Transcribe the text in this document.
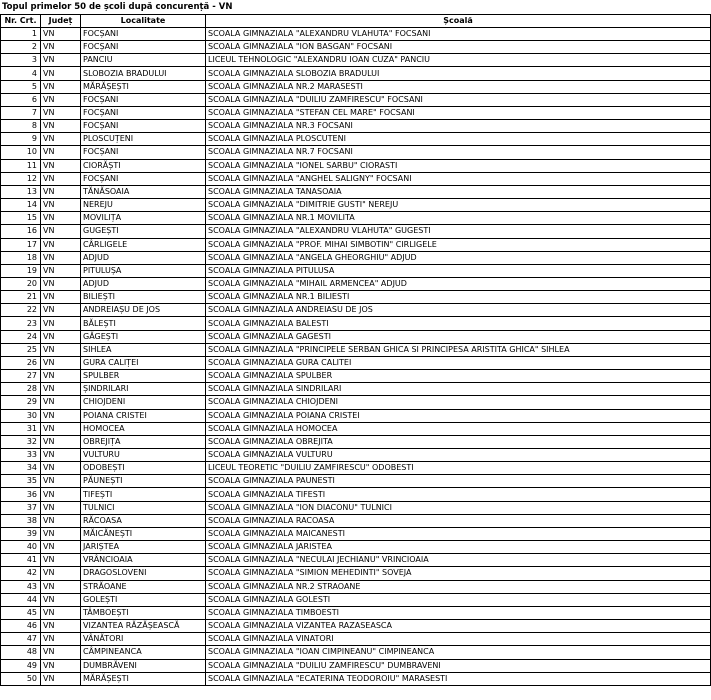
Topul primelor 50 de școli după concurență - VN
Nr. Crt.	Județ	Localitate	Școală
1	VN	FOCȘANI	SCOALA GIMNAZIALA "ALEXANDRU VLAHUTA" FOCSANI
2	VN	FOCȘANI	SCOALA GIMNAZIALA "ION BASGAN" FOCSANI
3	VN	PANCIU	LICEUL TEHNOLOGIC "ALEXANDRU IOAN CUZA" PANCIU
4	VN	SLOBOZIA BRADULUI	SCOALA GIMNAZIALA SLOBOZIA BRADULUI
5	VN	MĂRĂȘEȘTI	SCOALA GIMNAZIALA NR.2 MARASESTI
6	VN	FOCȘANI	SCOALA GIMNAZIALA "DUILIU ZAMFIRESCU" FOCSANI
7	VN	FOCȘANI	SCOALA GIMNAZIALA "STEFAN CEL MARE" FOCSANI
8	VN	FOCȘANI	SCOALA GIMNAZIALA NR.3 FOCSANI
9	VN	PLOSCUȚENI	SCOALA GIMNAZIALA PLOSCUTENI
10	VN	FOCȘANI	SCOALA GIMNAZIALA NR.7 FOCSANI
11	VN	CIORĂȘTI	SCOALA GIMNAZIALA "IONEL SARBU" CIORASTI
12	VN	FOCȘANI	SCOALA GIMNAZIALA "ANGHEL SALIGNY" FOCSANI
13	VN	TĂNĂSOAIA	SCOALA GIMNAZIALA TANASOAIA
14	VN	NEREJU	SCOALA GIMNAZIALA "DIMITRIE GUSTI" NEREJU
15	VN	MOVILIȚA	SCOALA GIMNAZIALA NR.1 MOVILITA
16	VN	GUGEȘTI	SCOALA GIMNAZIALA "ALEXANDRU VLAHUTA" GUGESTI
17	VN	CÂRLIGELE	SCOALA GIMNAZIALA "PROF. MIHAI SIMBOTIN" CIRLIGELE
18	VN	ADJUD	SCOALA GIMNAZIALA "ANGELA GHEORGHIU" ADJUD
19	VN	PITULUȘA	SCOALA GIMNAZIALA PITULUSA
20	VN	ADJUD	SCOALA GIMNAZIALA "MIHAIL ARMENCEA" ADJUD
21	VN	BILIEȘTI	SCOALA GIMNAZIALA NR.1 BILIESTI
22	VN	ANDREIAȘU DE JOS	SCOALA GIMNAZIALA ANDREIASU DE JOS
23	VN	BĂLEȘTI	SCOALA GIMNAZIALA BALESTI
24	VN	GĂGEȘTI	SCOALA GIMNAZIALA GAGESTI
25	VN	SIHLEA	SCOALA GIMNAZIALA "PRINCIPELE SERBAN GHICA SI PRINCIPESA ARISTITA GHICA" SIHLEA
26	VN	GURA CALIȚEI	SCOALA GIMNAZIALA GURA CALITEI
27	VN	SPULBER	SCOALA GIMNAZIALA SPULBER
28	VN	ȘINDRILARI	SCOALA GIMNAZIALA SINDRILARI
29	VN	CHIOJDENI	SCOALA GIMNAZIALA CHIOJDENI
30	VN	POIANA CRISTEI	SCOALA GIMNAZIALA POIANA CRISTEI
31	VN	HOMOCEA	SCOALA GIMNAZIALA HOMOCEA
32	VN	OBREJIȚA	SCOALA GIMNAZIALA OBREJITA
33	VN	VULTURU	SCOALA GIMNAZIALA VULTURU
34	VN	ODOBEȘTI	LICEUL TEORETIC "DUILIU ZAMFIRESCU" ODOBESTI
35	VN	PĂUNEȘTI	SCOALA GIMNAZIALA PAUNESTI
36	VN	TIFEȘTI	SCOALA GIMNAZIALA TIFESTI
37	VN	TULNICI	SCOALA GIMNAZIALA "ION DIACONU" TULNICI
38	VN	RĂCOASA	SCOALA GIMNAZIALA RACOASA
39	VN	MĂICĂNEȘTI	SCOALA GIMNAZIALA MAICANESTI
40	VN	JARIȘTEA	SCOALA GIMNAZIALA JARISTEA
41	VN	VRÂNCIOAIA	SCOALA GIMNAZIALA "NECULAI JECHIANU" VRINCIOAIA
42	VN	DRAGOSLOVENI	SCOALA GIMNAZIALA "SIMION MEHEDINTI" SOVEJA
43	VN	STRĂOANE	SCOALA GIMNAZIALA NR.2 STRAOANE
44	VN	GOLEȘTI	SCOALA GIMNAZIALA GOLESTI
45	VN	TÂMBOEȘTI	SCOALA GIMNAZIALA TIMBOESTI
46	VN	VIZANTEA RĂZĂȘEASCĂ	SCOALA GIMNAZIALA VIZANTEA RAZASEASCA
47	VN	VÂNĂTORI	SCOALA GIMNAZIALA VINATORI
48	VN	CÂMPINEANCA	SCOALA GIMNAZIALA "IOAN CIMPINEANU" CIMPINEANCA
49	VN	DUMBRĂVENI	SCOALA GIMNAZIALA "DUILIU ZAMFIRESCU" DUMBRAVENI
50	VN	MĂRĂȘEȘTI	SCOALA GIMNAZIALA "ECATERINA TEODOROIU" MARASESTI
